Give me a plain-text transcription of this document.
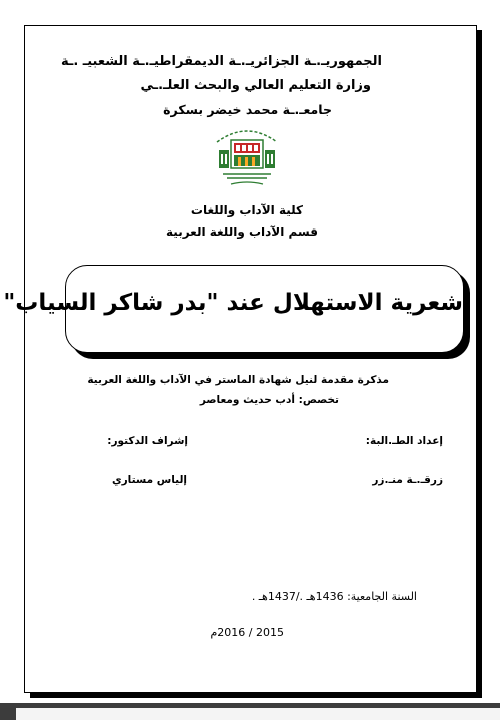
الجمهوريـ.ـة الجزائريـ.ـة الديمقراطيـ.ـة الشعبيـ .ـة
وزارة التعليم العالي والبحث العلـ.ـي
جامعـ.ـة محمد خيضر بسكرة
كلية الآداب واللغات
قسم الآداب واللغة العربية
شعرية الاستهلال عند "بدر شاكر السياب"
مذكرة مقدمة لنيل شهادة الماستر في الآداب واللغة العربية
تخصص: أدب حديث ومعاصر
إعداد الطـ.البة:
إشراف الدكتور:
زرقـ.ـة منـ.زر
إلياس مستاري
السنة الجامعية: 1436هـ ./1437هـ .
2015 / 2016م
